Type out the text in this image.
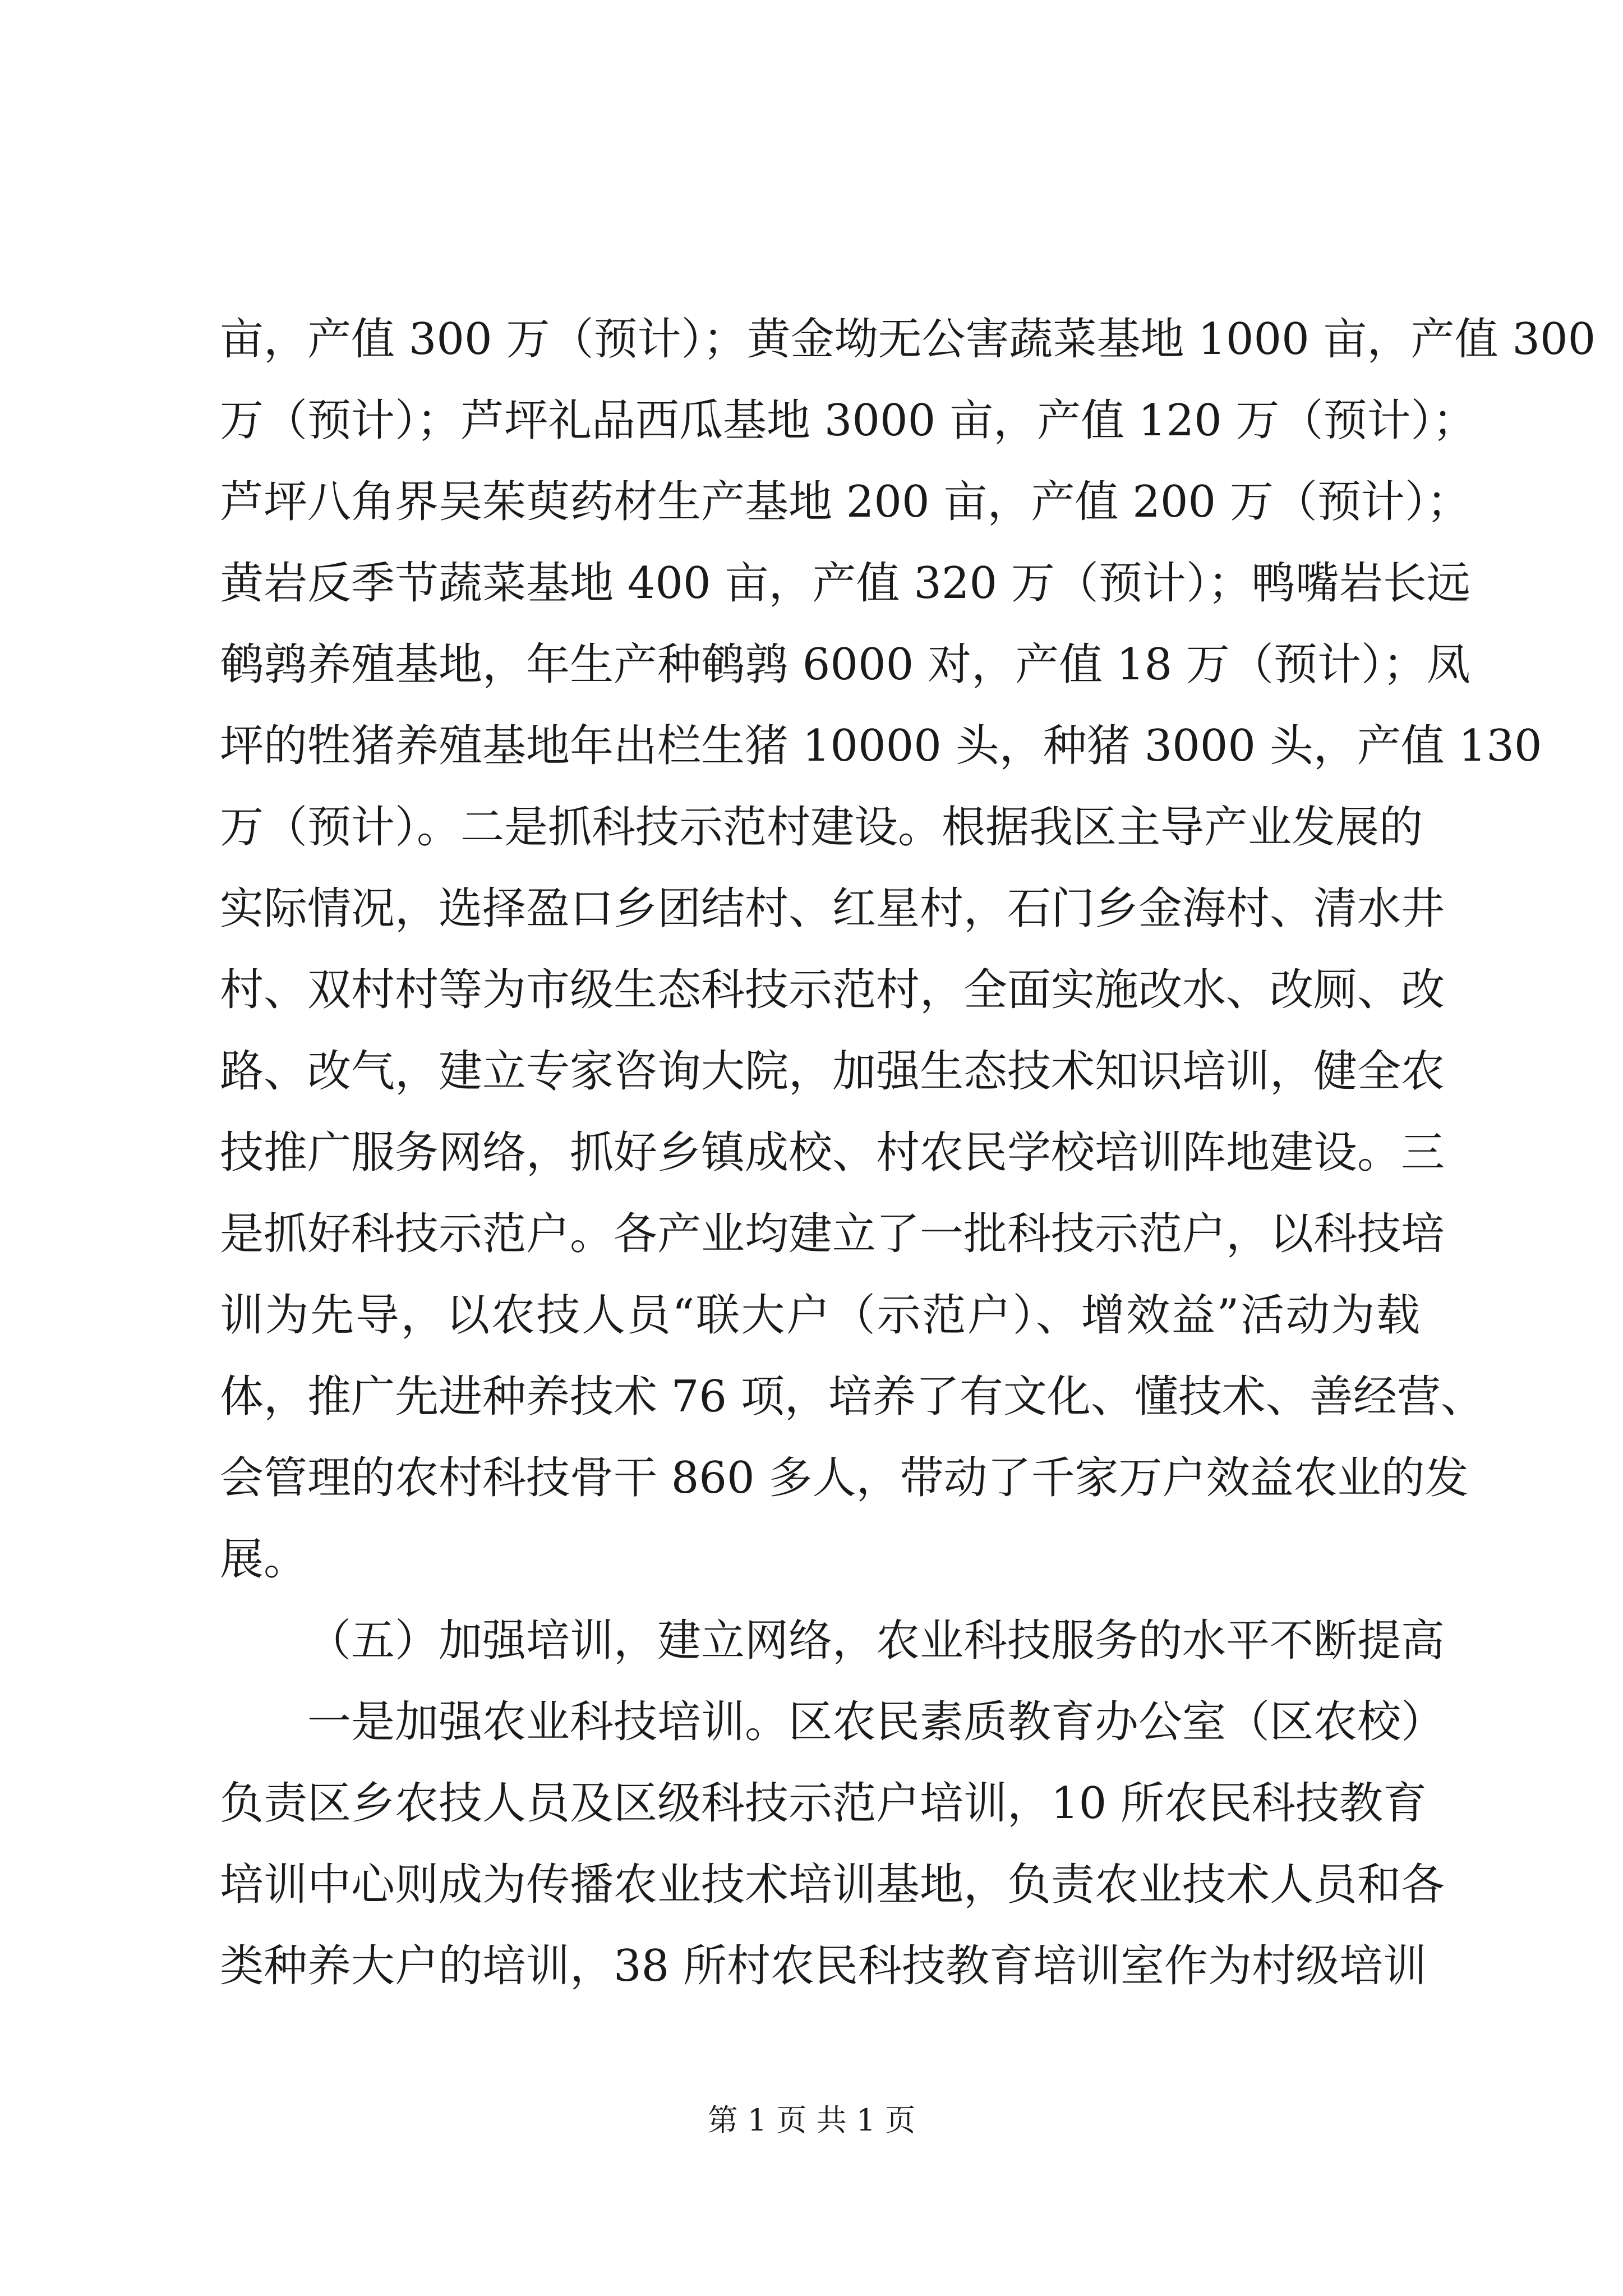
亩，产值 300 万（预计）；黄金坳无公害蔬菜基地 1000 亩，产值 300
万（预计）；芦坪礼品西瓜基地 3000 亩，产值 120 万（预计）；
芦坪八角界吴茱萸药材生产基地 200 亩，产值 200 万（预计）；
黄岩反季节蔬菜基地 400 亩，产值 320 万（预计）；鸭嘴岩长远
鹌鹑养殖基地，年生产种鹌鹑 6000 对，产值 18 万（预计）；凤
坪的牲猪养殖基地年出栏生猪 10000 头，种猪 3000 头，产值 130
万（预计）。二是抓科技示范村建设。根据我区主导产业发展的
实际情况，选择盈口乡团结村、红星村，石门乡金海村、清水井
村、双村村等为市级生态科技示范村，全面实施改水、改厕、改
路、改气，建立专家咨询大院，加强生态技术知识培训，健全农
技推广服务网络，抓好乡镇成校、村农民学校培训阵地建设。三
是抓好科技示范户。各产业均建立了一批科技示范户，以科技培
训为先导，以农技人员“联大户（示范户）、增效益”活动为载
体，推广先进种养技术 76 项，培养了有文化、懂技术、善经营、
会管理的农村科技骨干 860 多人，带动了千家万户效益农业的发
展。
（五）加强培训，建立网络，农业科技服务的水平不断提高
一是加强农业科技培训。区农民素质教育办公室（区农校）
负责区乡农技人员及区级科技示范户培训，10 所农民科技教育
培训中心则成为传播农业技术培训基地，负责农业技术人员和各
类种养大户的培训，38 所村农民科技教育培训室作为村级培训
第 1 页 共 1 页
